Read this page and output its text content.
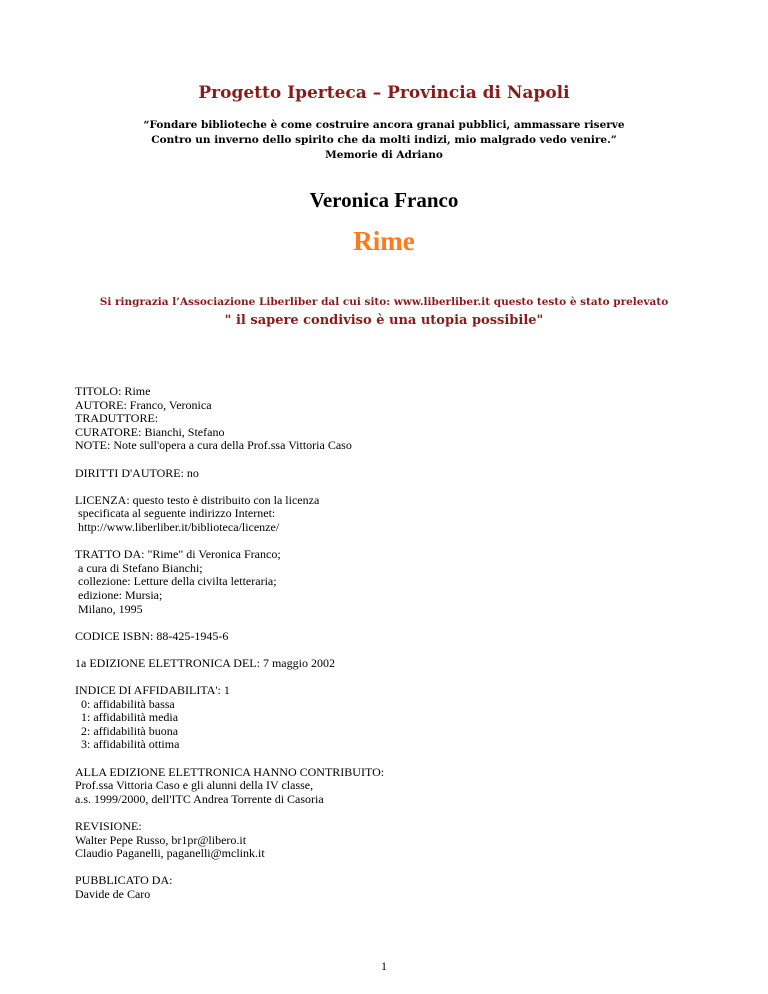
Progetto Iperteca – Provincia di Napoli
“Fondare biblioteche è come costruire ancora granai pubblici, ammassare riserve
Contro un inverno dello spirito che da molti indizi, mio malgrado vedo venire.”
Memorie di Adriano
Veronica Franco
Rime
Si ringrazia l’Associazione Liberliber dal cui sito: www.liberliber.it questo testo è stato prelevato
" il sapere condiviso è una utopia possibile"
TITOLO: Rime
AUTORE: Franco, Veronica
TRADUTTORE:
CURATORE: Bianchi, Stefano
NOTE: Note sull'opera a cura della Prof.ssa Vittoria Caso
DIRITTI D'AUTORE: no
LICENZA: questo testo è distribuito con la licenza
specificata al seguente indirizzo Internet:
http://www.liberliber.it/biblioteca/licenze/
TRATTO DA: "Rime" di Veronica Franco;
a cura di Stefano Bianchi;
collezione: Letture della civilta letteraria;
edizione: Mursia;
Milano, 1995
CODICE ISBN: 88-425-1945-6
1a EDIZIONE ELETTRONICA DEL: 7 maggio 2002
INDICE DI AFFIDABILITA': 1
0: affidabilità bassa
1: affidabilità media
2: affidabilità buona
3: affidabilità ottima
ALLA EDIZIONE ELETTRONICA HANNO CONTRIBUITO:
Prof.ssa Vittoria Caso e gli alunni della IV classe,
a.s. 1999/2000, dell'ITC Andrea Torrente di Casoria
REVISIONE:
Walter Pepe Russo, br1pr@libero.it
Claudio Paganelli, paganelli@mclink.it
PUBBLICATO DA:
Davide de Caro
1
